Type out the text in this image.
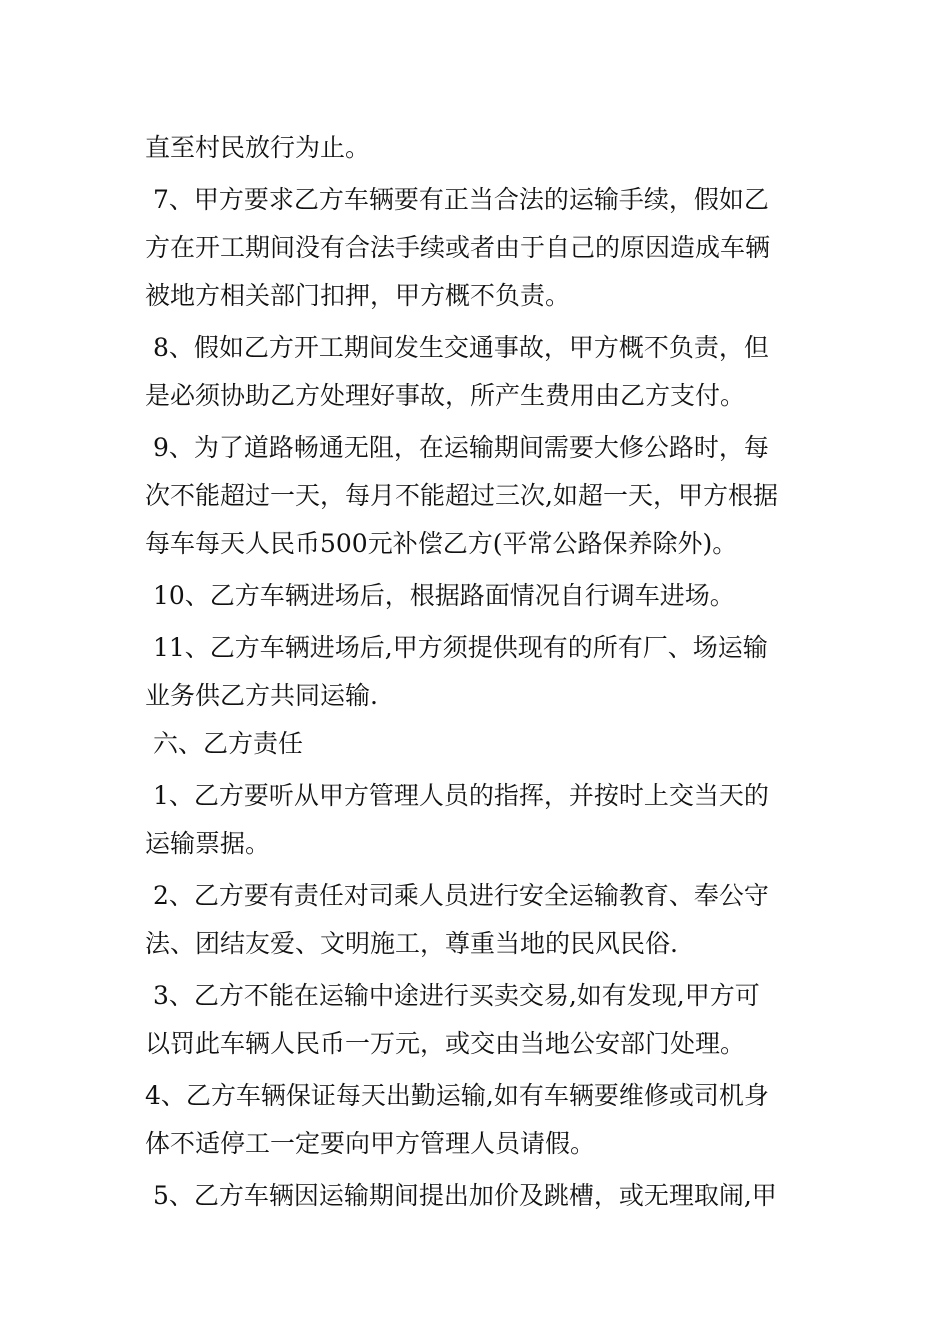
直至村民放行为止。
7、甲方要求乙方车辆要有正当合法的运输手续，假如乙
方在开工期间没有合法手续或者由于自己的原因造成车辆
被地方相关部门扣押，甲方概不负责。
8、假如乙方开工期间发生交通事故，甲方概不负责，但
是必须协助乙方处理好事故，所产生费用由乙方支付。
9、为了道路畅通无阻，在运输期间需要大修公路时，每
次不能超过一天，每月不能超过三次,如超一天，甲方根据
每车每天人民币500元补偿乙方(平常公路保养除外)。
10、乙方车辆进场后，根据路面情况自行调车进场。
11、乙方车辆进场后,甲方须提供现有的所有厂、场运输
业务供乙方共同运输.
六、乙方责任
1、乙方要听从甲方管理人员的指挥，并按时上交当天的
运输票据。
2、乙方要有责任对司乘人员进行安全运输教育、奉公守
法、团结友爱、文明施工，尊重当地的民风民俗.
3、乙方不能在运输中途进行买卖交易,如有发现,甲方可
以罚此车辆人民币一万元，或交由当地公安部门处理。
4、乙方车辆保证每天出勤运输,如有车辆要维修或司机身
体不适停工一定要向甲方管理人员请假。
5、乙方车辆因运输期间提出加价及跳槽，或无理取闹,甲
